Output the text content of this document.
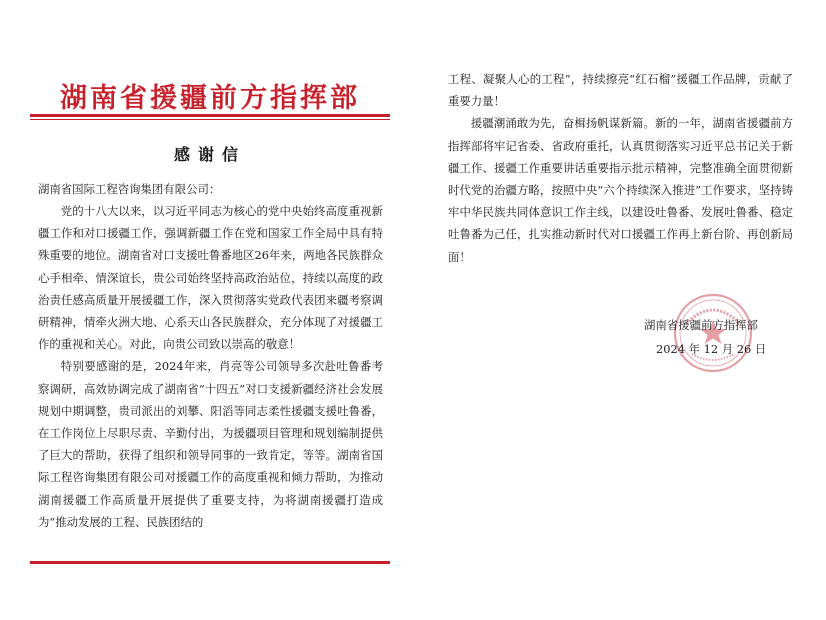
湖南省援疆前方指挥部
感谢信
湖南省国际工程咨询集团有限公司：

党的十八大以来，以习近平同志为核心的党中央始终高度重视新疆工作和对口援疆工作，强调新疆工作在党和国家工作全局中具有特殊重要的地位。湖南省对口支援吐鲁番地区26年来，两地各民族群众心手相牵、情深谊长，贵公司始终坚持高政治站位，持续以高度的政治责任感高质量开展援疆工作，深入贯彻落实党政代表团来疆考察调研精神，情牵火洲大地、心系天山各民族群众，充分体现了对援疆工作的重视和关心。对此，向贵公司致以崇高的敬意！

特别要感谢的是，2024年来，肖亮等公司领导多次赴吐鲁番考察调研，高效协调完成了湖南省“十四五”对口支援新疆经济社会发展规划中期调整，贵司派出的刘攀、阳滔等同志柔性援疆支援吐鲁番，在工作岗位上尽职尽责、辛勤付出，为援疆项目管理和规划编制提供了巨大的帮助，获得了组织和领导同事的一致肯定，等等。湖南省国际工程咨询集团有限公司对援疆工作的高度重视和倾力帮助，为推动湖南援疆工作高质量开展提供了重要支持，为将湖南援疆打造成为“推动发展的工程、民族团结的

工程、凝聚人心的工程”，持续擦亮“红石榴”援疆工作品牌，贡献了重要力量！

援疆潮涌敢为先，奋楫扬帆谋新篇。新的一年，湖南省援疆前方指挥部将牢记省委、省政府重托，认真贯彻落实习近平总书记关于新疆工作、援疆工作重要讲话重要指示批示精神，完整准确全面贯彻新时代党的治疆方略，按照中央“六个持续深入推进”工作要求，坚持铸牢中华民族共同体意识工作主线，以建设吐鲁番、发展吐鲁番、稳定吐鲁番为己任，扎实推动新时代对口援疆工作再上新台阶、再创新局面！

湖南省援疆前方指挥部
2024 年 12 月 26 日
